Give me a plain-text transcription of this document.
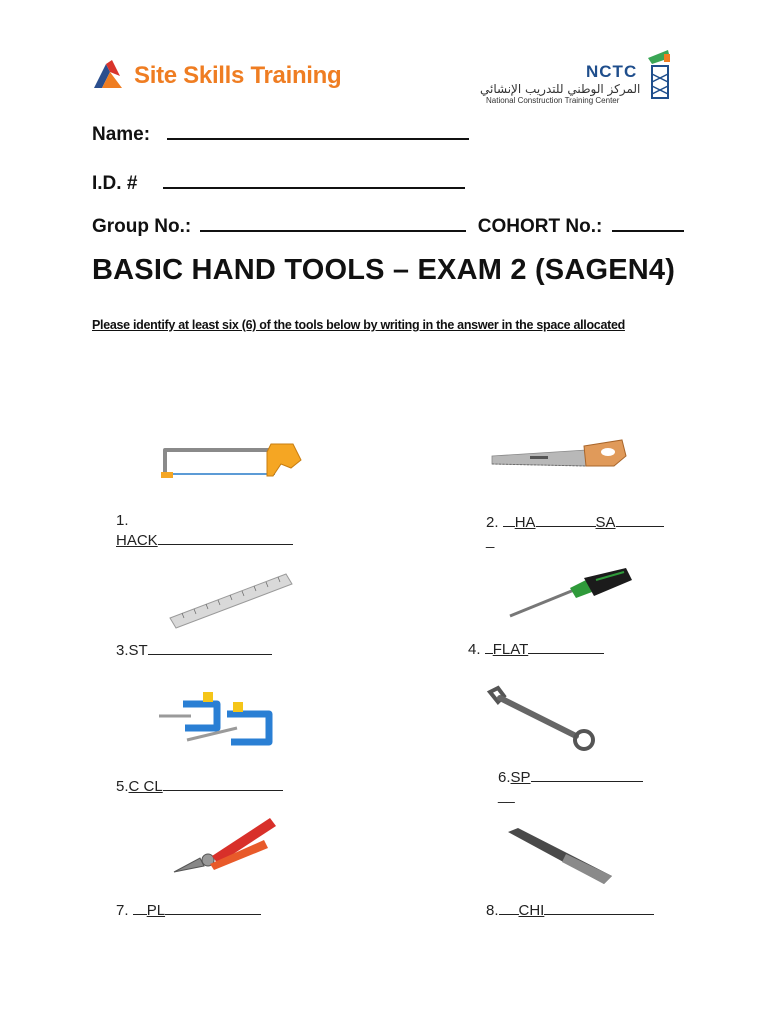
Site Skills Training	NCTC
المركز الوطني للتدريب الإنشائي
National Construction Training Center
Name:
I.D. #
Group No.:	COHORT No.:
BASIC HAND TOOLS – EXAM 2 (SAGEN4)
Please identify at least six (6) of the tools below by writing in the answer in the space allocated
1.
HACK
2. HA	SA
_
3.ST	4. FLAT
5.C CL
6.SP
__
7. PL	8. CHI
